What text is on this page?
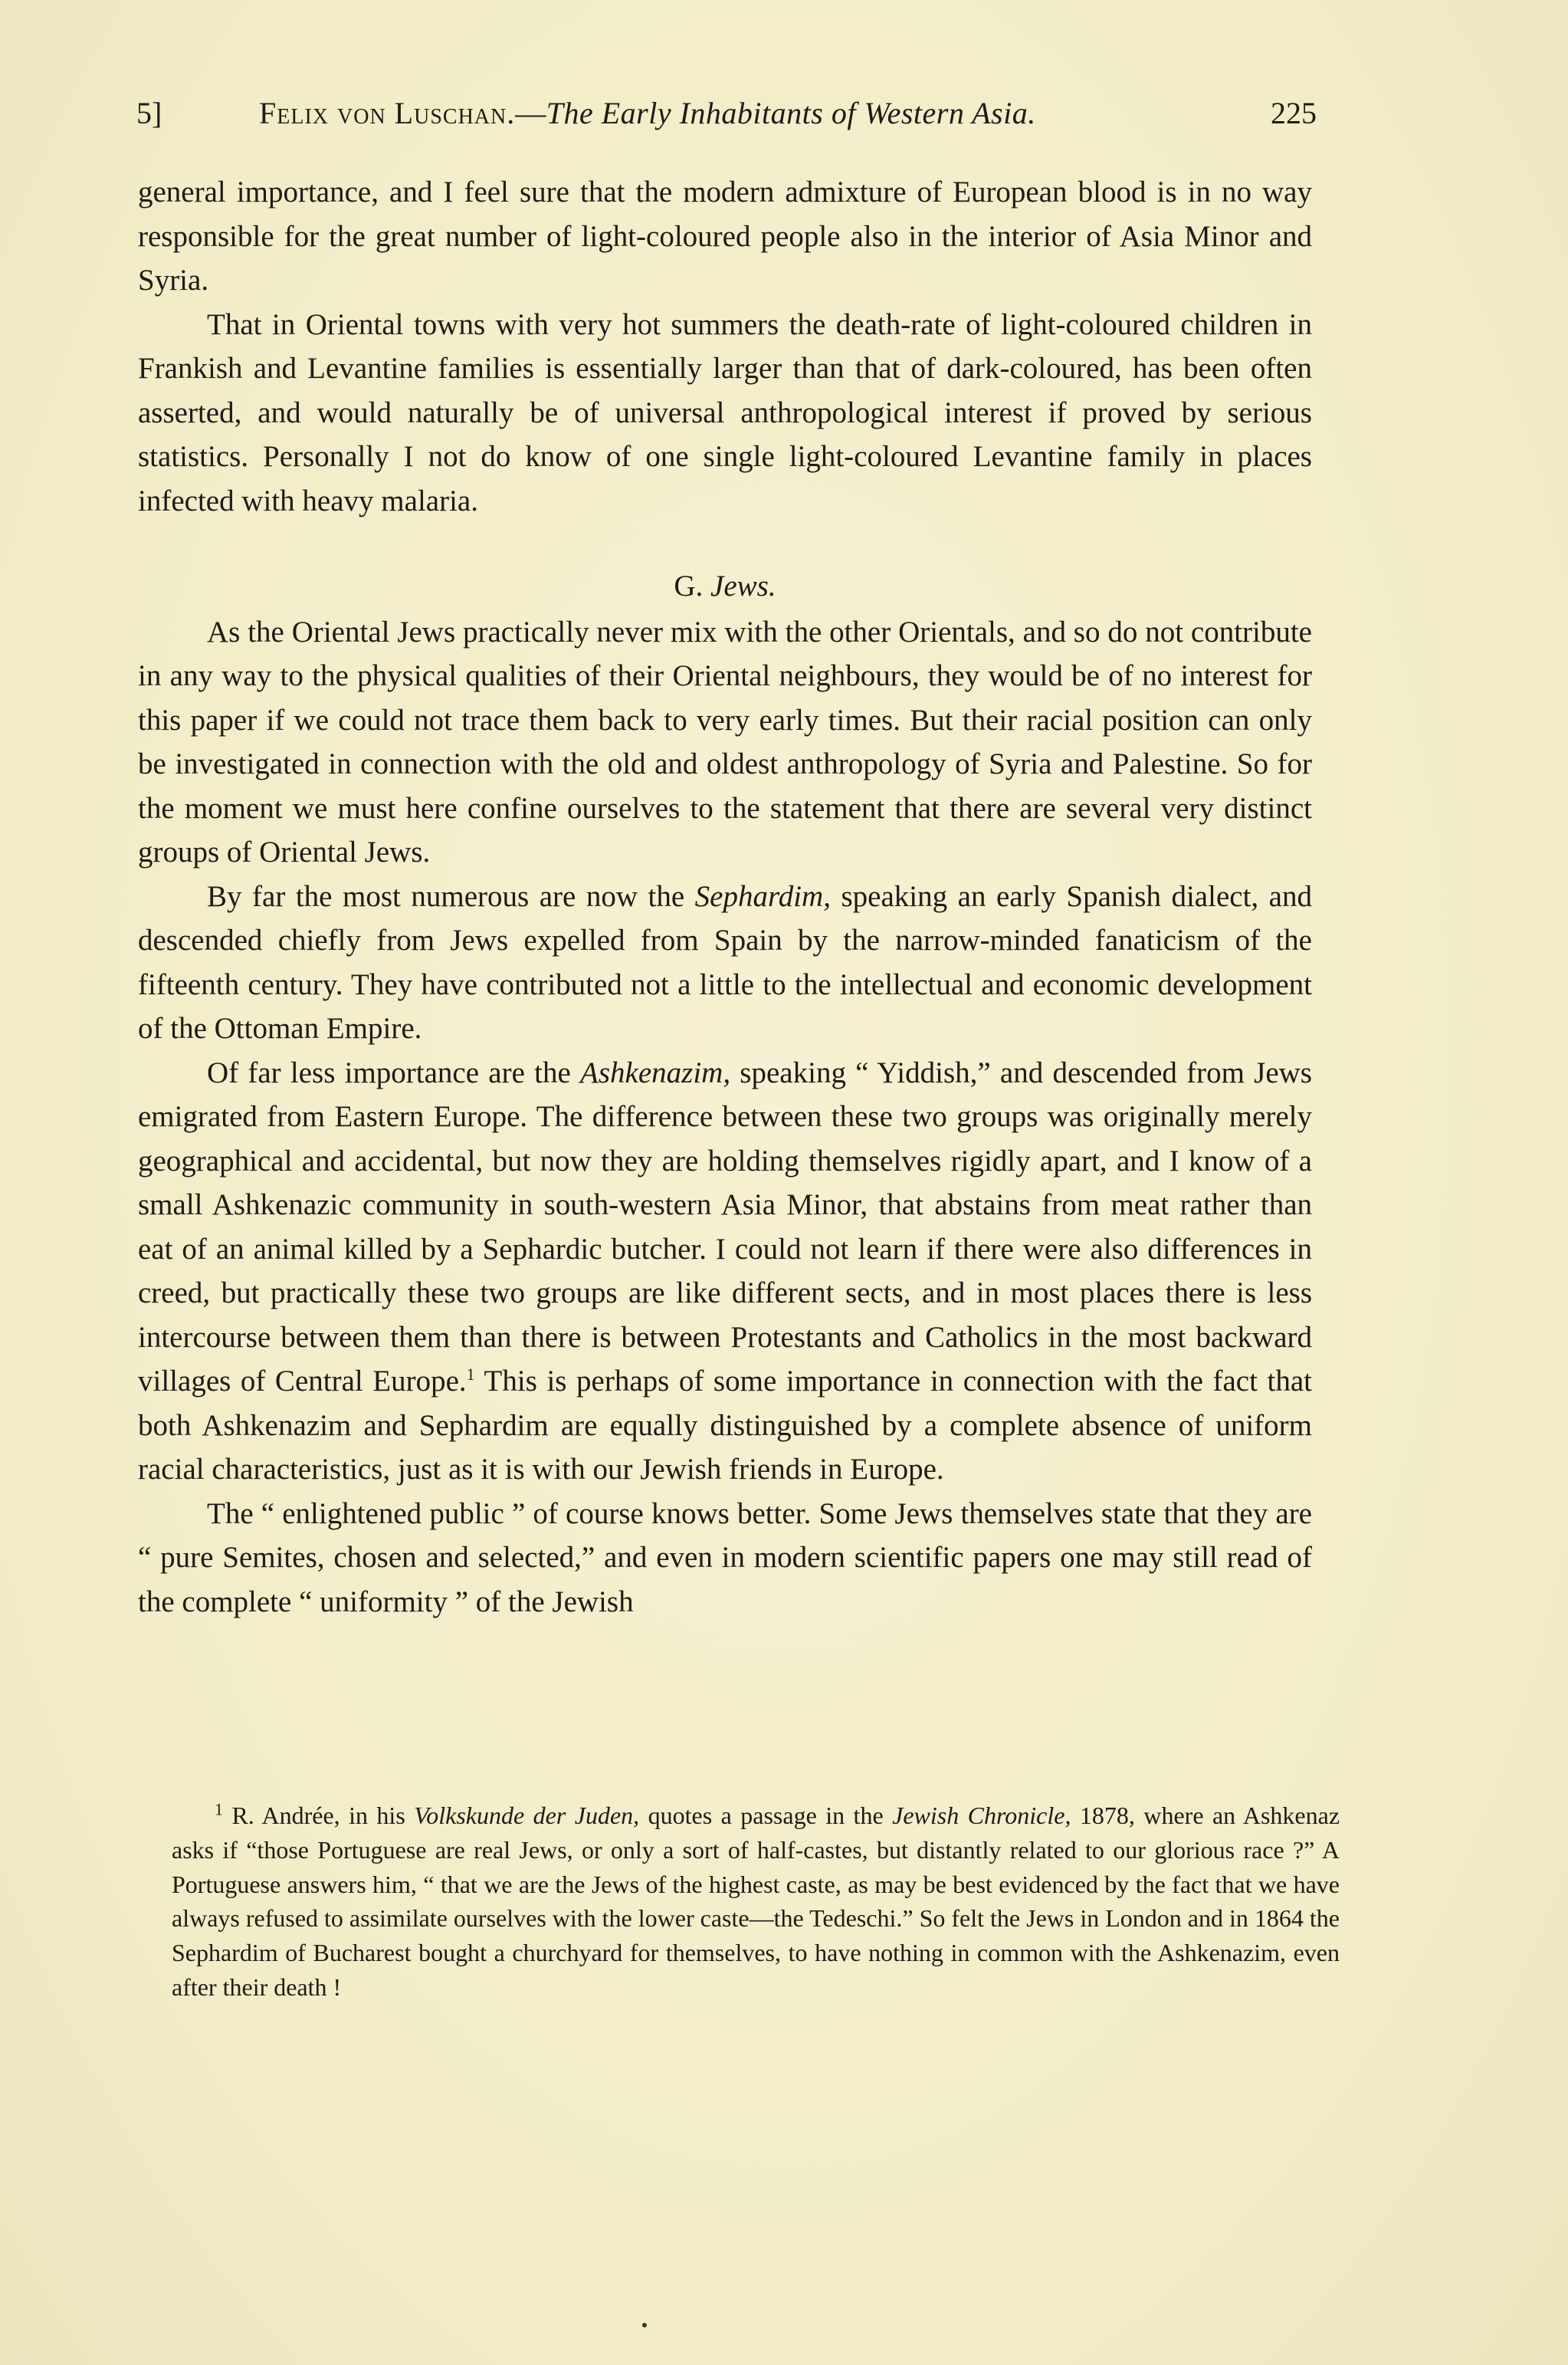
5]	Felix von Luschan.—The Early Inhabitants of Western Asia.	225

general importance, and I feel sure that the modern admixture of European blood is in no way responsible for the great number of light-coloured people also in the interior of Asia Minor and Syria.

That in Oriental towns with very hot summers the death-rate of light-coloured children in Frankish and Levantine families is essentially larger than that of dark-coloured, has been often asserted, and would naturally be of universal anthropological interest if proved by serious statistics. Personally I not do know of one single light-coloured Levantine family in places infected with heavy malaria.

G. Jews.

As the Oriental Jews practically never mix with the other Orientals, and so do not contribute in any way to the physical qualities of their Oriental neighbours, they would be of no interest for this paper if we could not trace them back to very early times. But their racial position can only be investigated in connection with the old and oldest anthropology of Syria and Palestine. So for the moment we must here confine ourselves to the statement that there are several very distinct groups of Oriental Jews.

By far the most numerous are now the Sephardim, speaking an early Spanish dialect, and descended chiefly from Jews expelled from Spain by the narrow-minded fanaticism of the fifteenth century. They have contributed not a little to the intellectual and economic development of the Ottoman Empire.

Of far less importance are the Ashkenazim, speaking “ Yiddish,” and descended from Jews emigrated from Eastern Europe. The difference between these two groups was originally merely geographical and accidental, but now they are holding themselves rigidly apart, and I know of a small Ashkenazic community in south-western Asia Minor, that abstains from meat rather than eat of an animal killed by a Sephardic butcher. I could not learn if there were also differences in creed, but practically these two groups are like different sects, and in most places there is less intercourse between them than there is between Protestants and Catholics in the most backward villages of Central Europe.$^1$ This is perhaps of some importance in connection with the fact that both Ashkenazim and Sephardim are equally distinguished by a complete absence of uniform racial characteristics, just as it is with our Jewish friends in Europe.

The “ enlightened public ” of course knows better. Some Jews themselves state that they are “ pure Semites, chosen and selected,” and even in modern scientific papers one may still read of the complete “ uniformity ” of the Jewish

$^1$ R. Andrée, in his Volkskunde der Juden, quotes a passage in the Jewish Chronicle, 1878, where an Ashkenaz asks if “those Portuguese are real Jews, or only a sort of half-castes, but distantly related to our glorious race ?” A Portuguese answers him, “ that we are the Jews of the highest caste, as may be best evidenced by the fact that we have always refused to assimilate ourselves with the lower caste—the Tedeschi.” So felt the Jews in London and in 1864 the Sephardim of Bucharest bought a churchyard for themselves, to have nothing in common with the Ashkenazim, even after their death !
